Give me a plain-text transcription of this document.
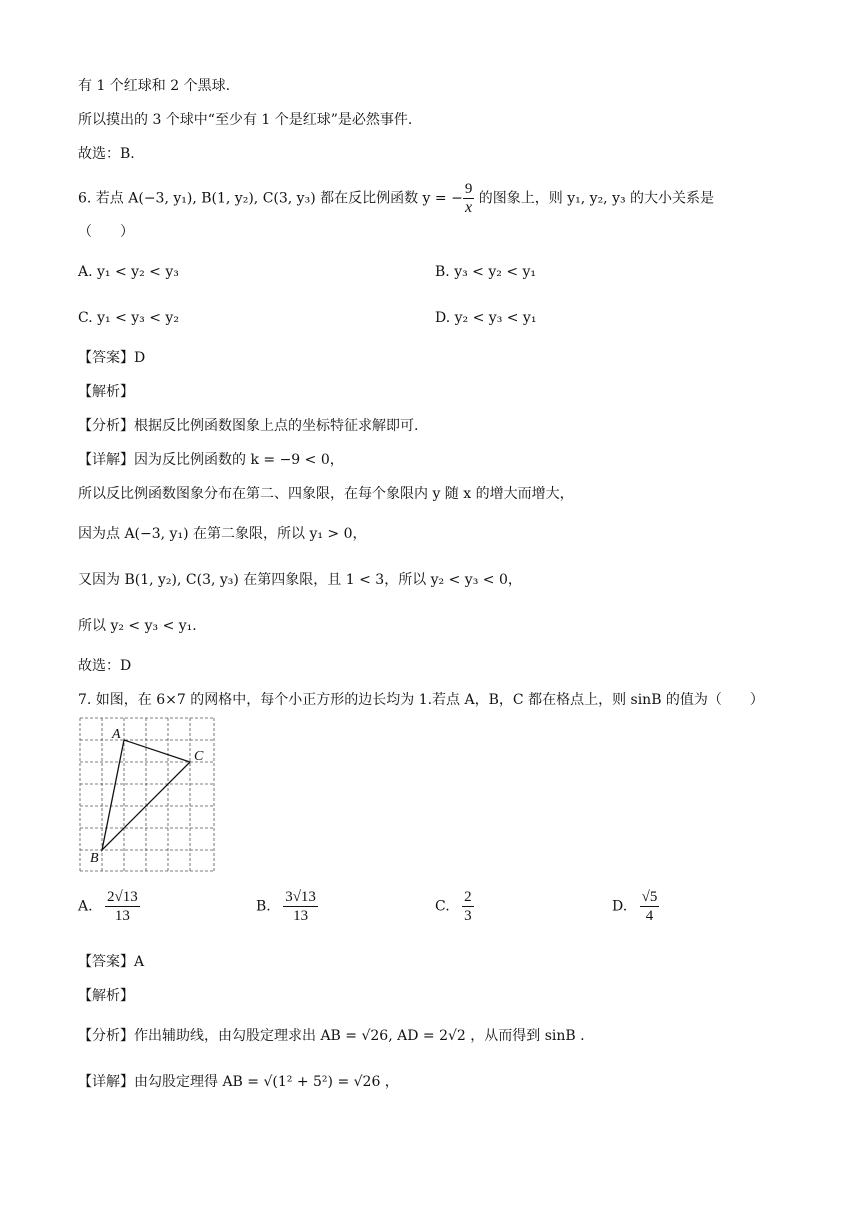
有 1 个红球和 2 个黑球.
所以摸出的 3 个球中“至少有 1 个是红球”是必然事件.
故选：B.
6. 若点 A(−3, y₁), B(1, y₂), C(3, y₃) 都在反比例函数 y = − $\frac{9}{x}$ 的图象上，则 y₁, y₂, y₃ 的大小关系是
（　　）
A. y₁ < y₂ < y₃	B. y₃ < y₂ < y₁
C. y₁ < y₃ < y₂	D. y₂ < y₃ < y₁
【答案】D
【解析】
【分析】根据反比例函数图象上点的坐标特征求解即可.
【详解】因为反比例函数的 k = −9 < 0，
所以反比例函数图象分布在第二、四象限，在每个象限内 y 随 x 的增大而增大，
因为点 A(−3, y₁) 在第二象限，所以 y₁ > 0，
又因为 B(1, y₂), C(3, y₃) 在第四象限，且 1 < 3，所以 y₂ < y₃ < 0，
所以 y₂ < y₃ < y₁.
故选：D
7. 如图，在 6×7 的网格中，每个小正方形的边长均为 1.若点 A，B，C 都在格点上，则 sinB 的值为（　　）
A
C
B
A. $\frac{2√13}{13}$	B. $\frac{3√13}{13}$	C. $\frac{2}{3}$	D. $\frac{√5}{4}$
【答案】A
【解析】
【分析】作出辅助线，由勾股定理求出 AB = √26, AD = 2√2 ，从而得到 sinB .
【详解】由勾股定理得 AB = √(1² + 5²) = √26 ，
